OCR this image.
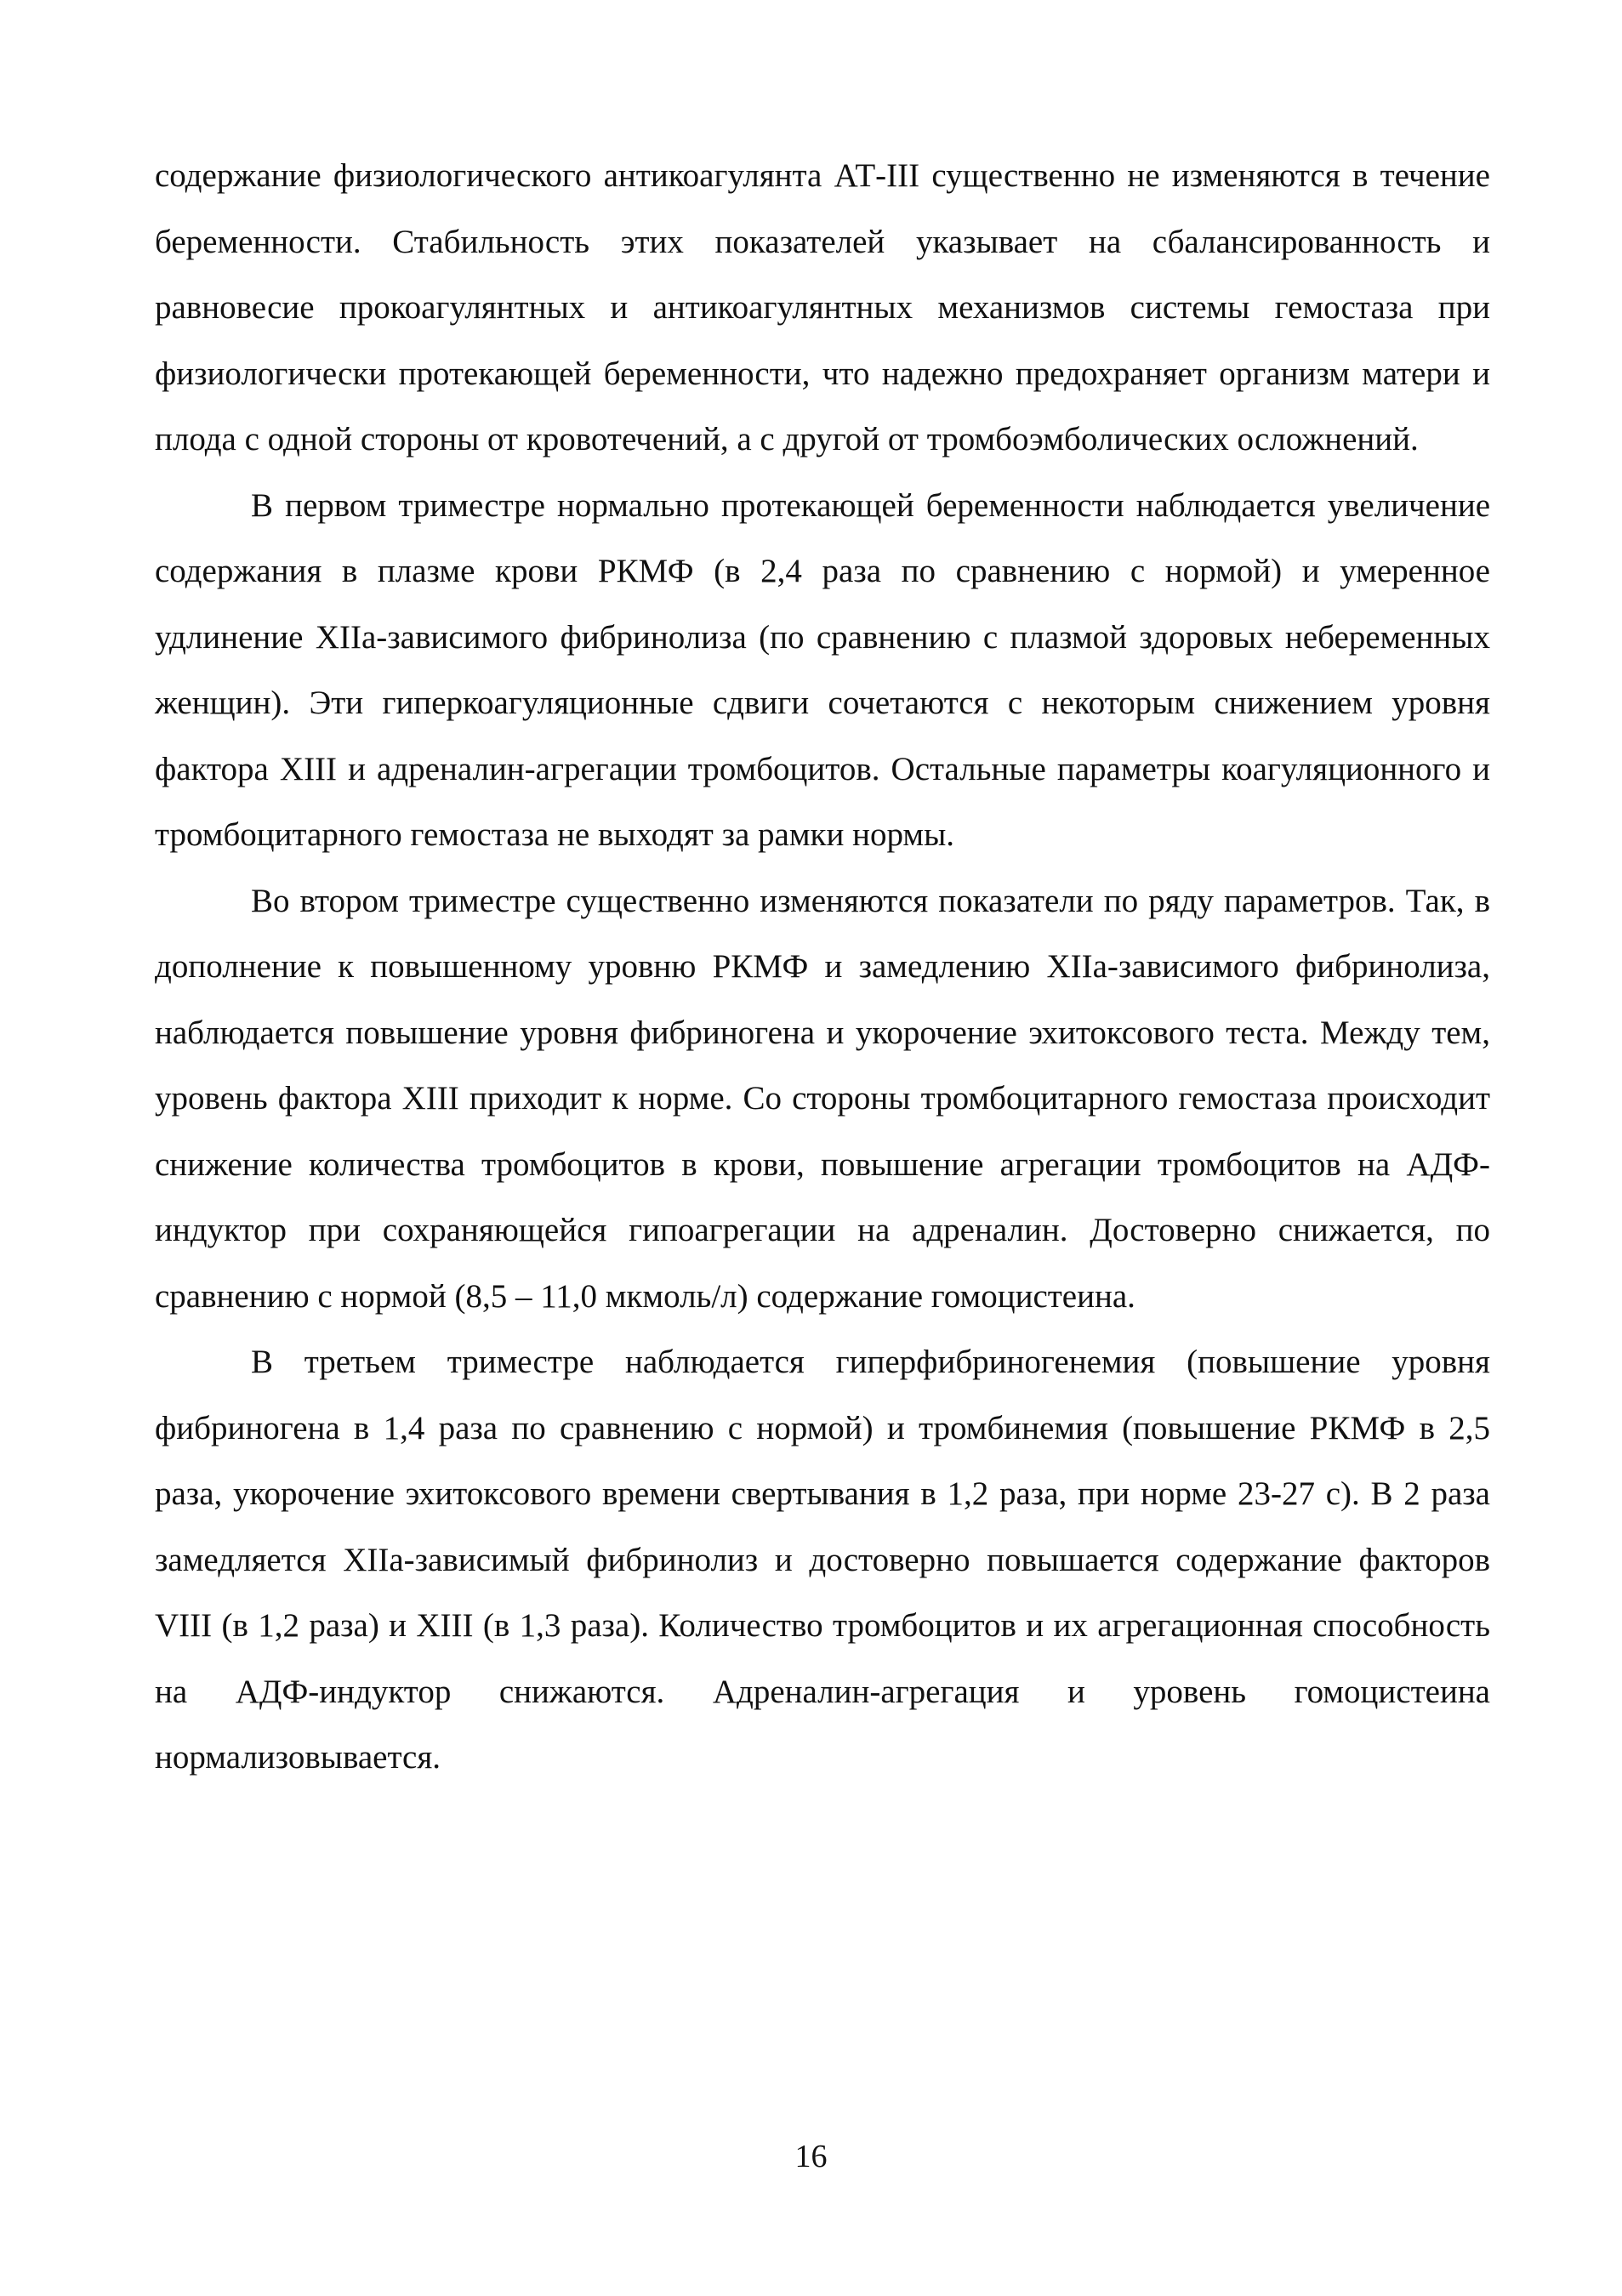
содержание физиологического антикоагулянта АТ-III существенно не изменяются в течение беременности. Стабильность этих показателей указывает на сбалансированность и равновесие прокоагулянтных и антикоагулянтных механизмов системы гемостаза при физиологически протекающей беременности, что надежно предохраняет организм матери и плода с одной стороны от кровотечений, а с другой от тромбоэмболических осложнений.

В первом триместре нормально протекающей беременности наблюдается увеличение содержания в плазме крови РКМФ (в 2,4 раза по сравнению с нормой) и умеренное удлинение XIIа-зависимого фибринолиза (по сравнению с плазмой здоровых небеременных женщин). Эти гиперкоагуляционные сдвиги сочетаются с некоторым снижением уровня фактора XIII и адреналин-агрегации тромбоцитов. Остальные параметры коагуляционного и тромбоцитарного гемостаза не выходят за рамки нормы.

Во втором триместре существенно изменяются показатели по ряду параметров. Так, в дополнение к повышенному уровню РКМФ и замедлению XIIа-зависимого фибринолиза, наблюдается повышение уровня фибриногена и укорочение эхитоксового теста. Между тем, уровень фактора XIII приходит к норме. Со стороны тромбоцитарного гемостаза происходит снижение количества тромбоцитов в крови, повышение агрегации тромбоцитов на АДФ-индуктор при сохраняющейся гипоагрегации на адреналин. Достоверно снижается, по сравнению с нормой (8,5 – 11,0 мкмоль/л) содержание гомоцистеина.

В третьем триместре наблюдается гиперфибриногенемия (повышение уровня фибриногена в 1,4 раза по сравнению с нормой) и тромбинемия (повышение РКМФ в 2,5 раза, укорочение эхитоксового времени свертывания в 1,2 раза, при норме 23-27 с). В 2 раза замедляется XIIа-зависимый фибринолиз и достоверно повышается содержание факторов VIII (в 1,2 раза) и XIII (в 1,3 раза). Количество тромбоцитов и их агрегационная способность на АДФ-индуктор снижаются. Адреналин-агрегация и уровень гомоцистеина нормализовывается.

16
